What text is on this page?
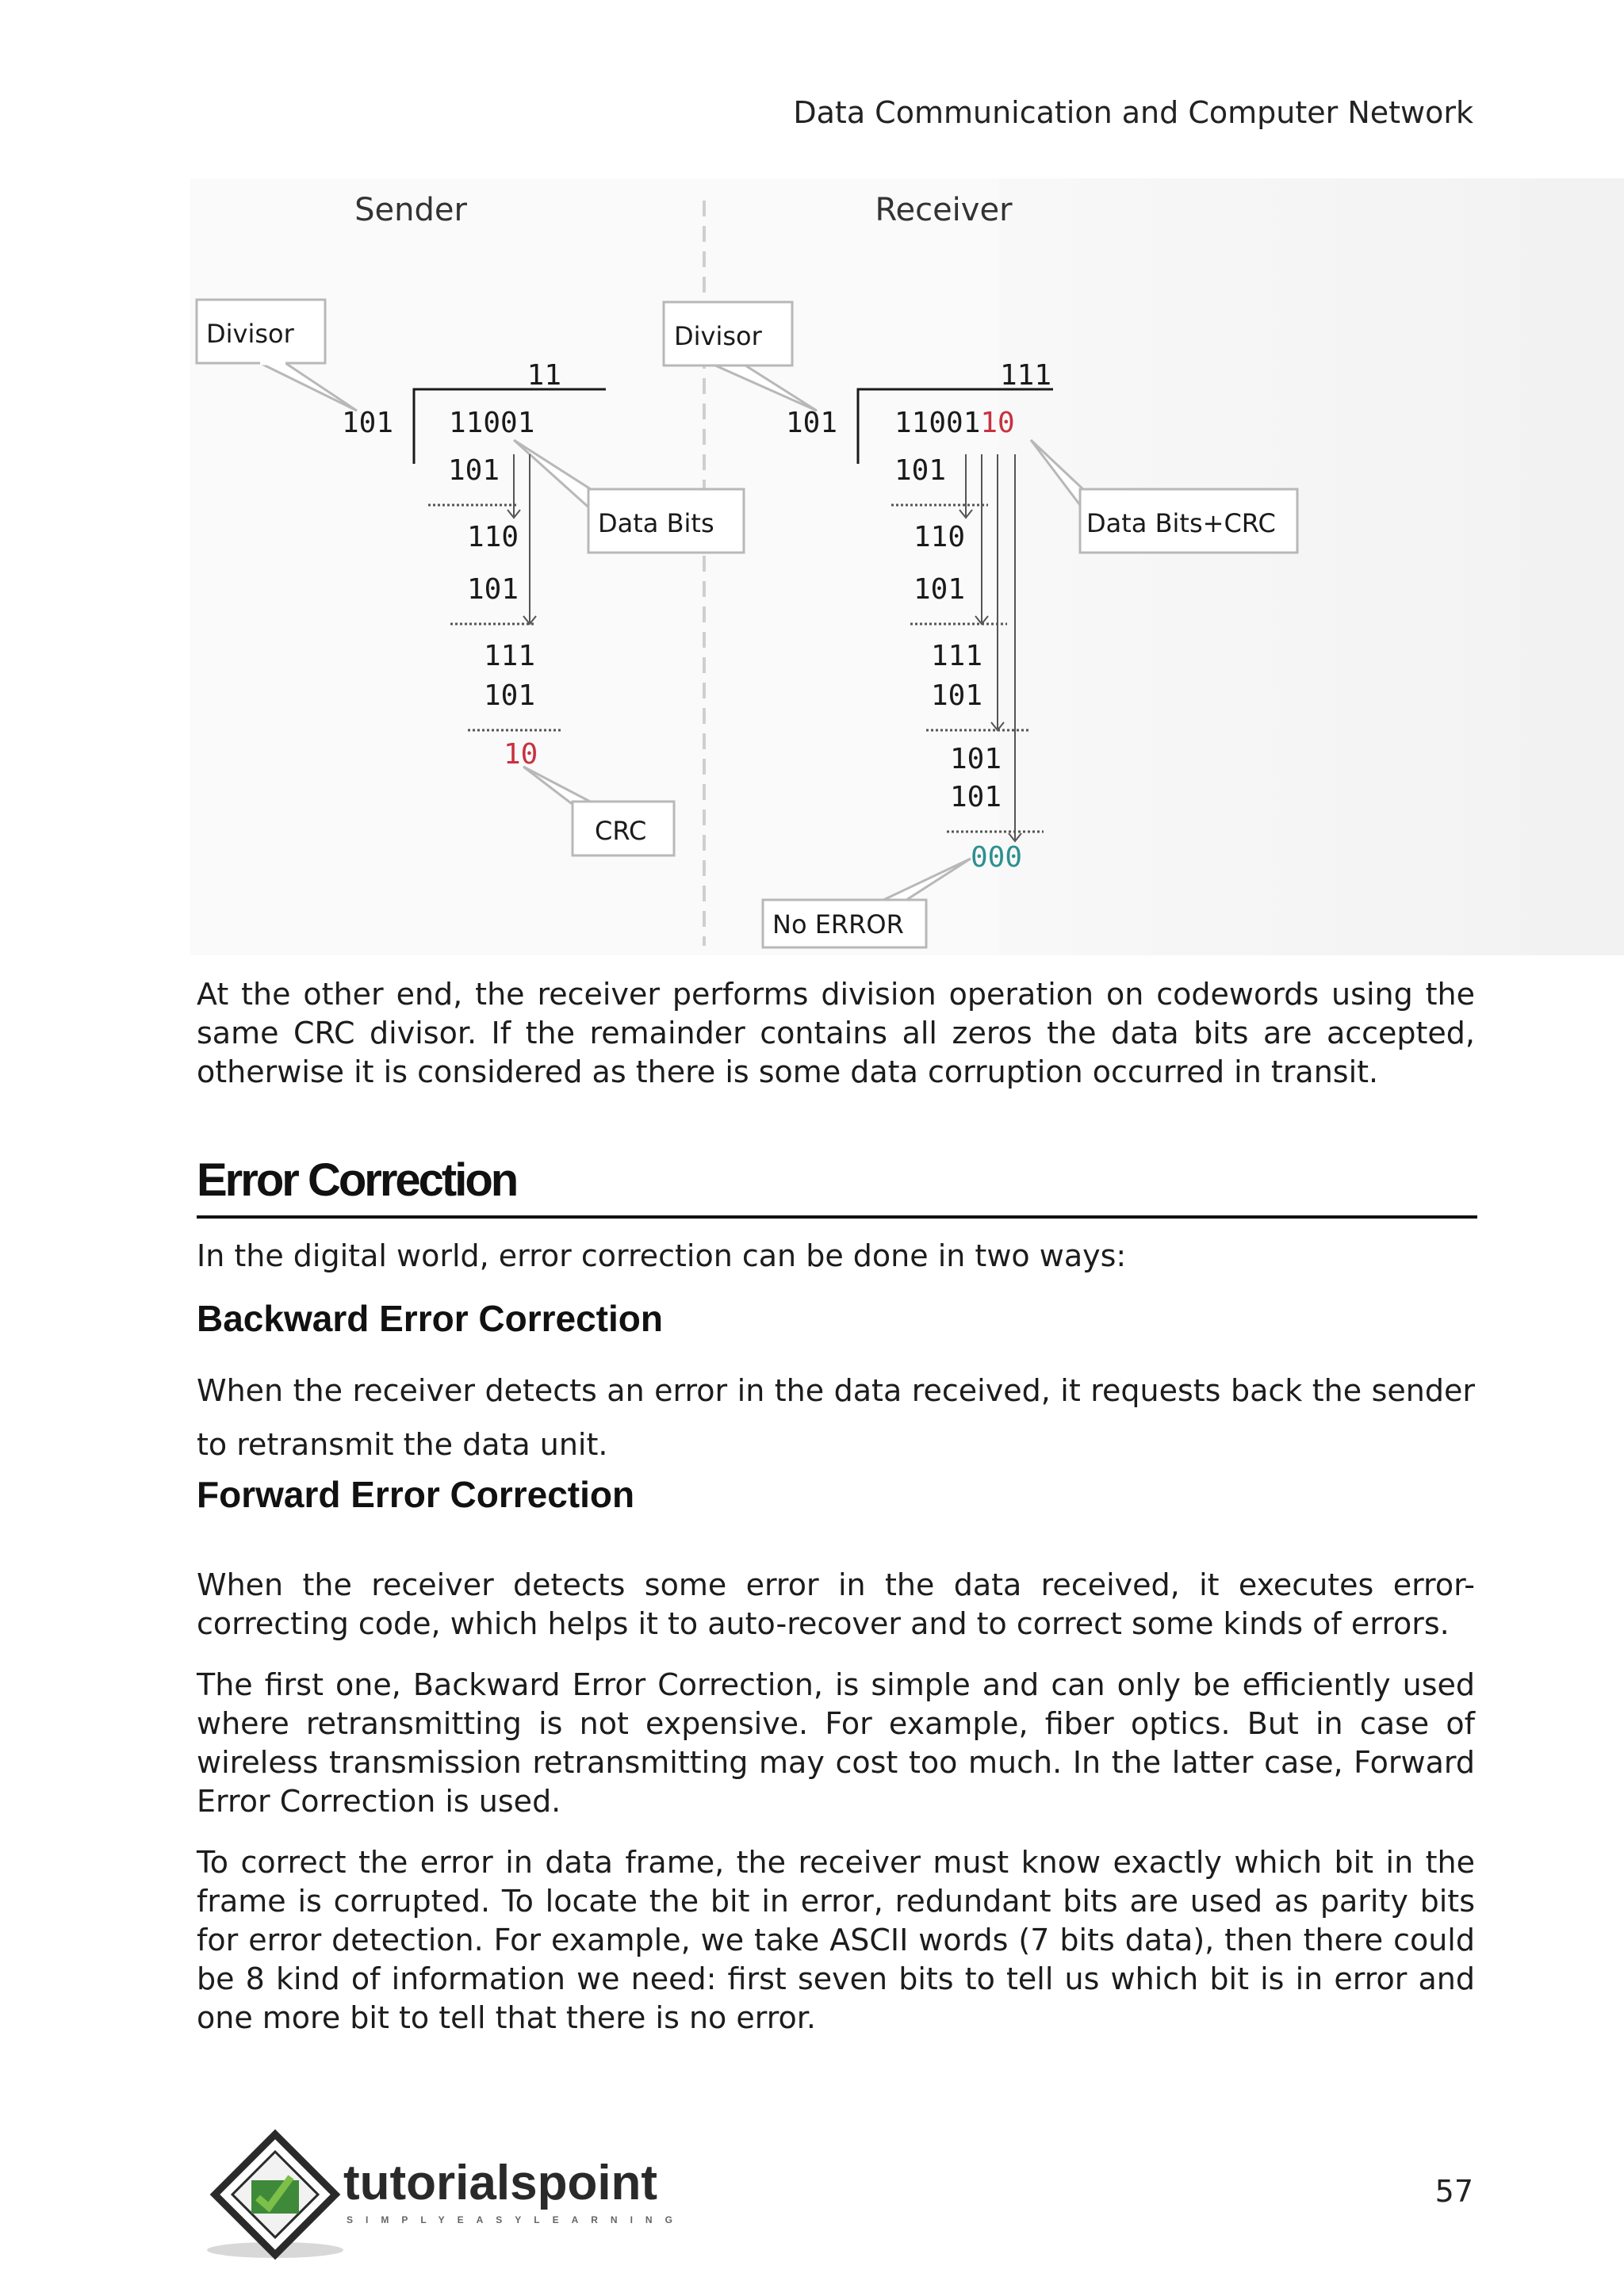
Data Communication and Computer Network
Sender	Receiver
Divisor
11
101 11001
Data Bits
101
110
101
111
101
10
CRC
Divisor
111
101 1100110
Data Bits+CRC
101
110
101
111
101
101
101
000
No ERROR

At the other end, the receiver performs division operation on codewords using the same CRC divisor. If the remainder contains all zeros the data bits are accepted, otherwise it is considered as there is some data corruption occurred in transit.

Error Correction

In the digital world, error correction can be done in two ways:

Backward Error Correction

When the receiver detects an error in the data received, it requests back the sender to retransmit the data unit.

Forward Error Correction

When the receiver detects some error in the data received, it executes error-correcting code, which helps it to auto-recover and to correct some kinds of errors.

The first one, Backward Error Correction, is simple and can only be efficiently used where retransmitting is not expensive. For example, fiber optics. But in case of wireless transmission retransmitting may cost too much. In the latter case, Forward Error Correction is used.

To correct the error in data frame, the receiver must know exactly which bit in the frame is corrupted. To locate the bit in error, redundant bits are used as parity bits for error detection. For example, we take ASCII words (7 bits data), then there could be 8 kind of information we need: first seven bits to tell us which bit is in error and one more bit to tell that there is no error.

tutorialspoint
SIMPLYEASYLEARNING
57
